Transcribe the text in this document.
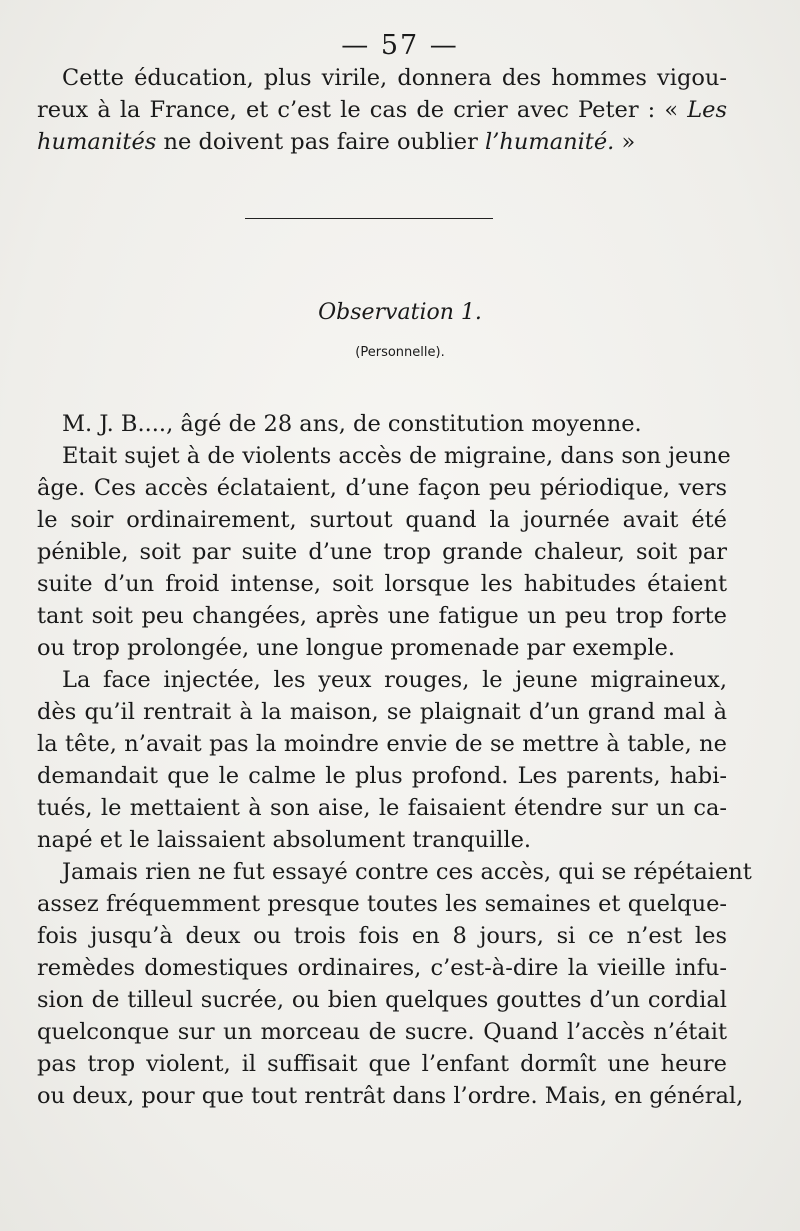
— 57 —
Cette éducation, plus virile, donnera des hommes vigou-
reux à la France, et c’est le cas de crier avec Peter : « Les
humanités ne doivent pas faire oublier l’humanité. »
Observation 1.
(Personnelle).
M. J. B...., âgé de 28 ans, de constitution moyenne.
Etait sujet à de violents accès de migraine, dans son jeune
âge. Ces accès éclataient, d’une façon peu périodique, vers
le soir ordinairement, surtout quand la journée avait été
pénible, soit par suite d’une trop grande chaleur, soit par
suite d’un froid intense, soit lorsque les habitudes étaient
tant soit peu changées, après une fatigue un peu trop forte
ou trop prolongée, une longue promenade par exemple.
La face injectée, les yeux rouges, le jeune migraineux,
dès qu’il rentrait à la maison, se plaignait d’un grand mal à
la tête, n’avait pas la moindre envie de se mettre à table, ne
demandait que le calme le plus profond. Les parents, habi-
tués, le mettaient à son aise, le faisaient étendre sur un ca-
napé et le laissaient absolument tranquille.
Jamais rien ne fut essayé contre ces accès, qui se répétaient
assez fréquemment presque toutes les semaines et quelque-
fois jusqu’à deux ou trois fois en 8 jours, si ce n’est les
remèdes domestiques ordinaires, c’est-à-dire la vieille infu-
sion de tilleul sucrée, ou bien quelques gouttes d’un cordial
quelconque sur un morceau de sucre. Quand l’accès n’était
pas trop violent, il suffisait que l’enfant dormît une heure
ou deux, pour que tout rentrât dans l’ordre. Mais, en général,
